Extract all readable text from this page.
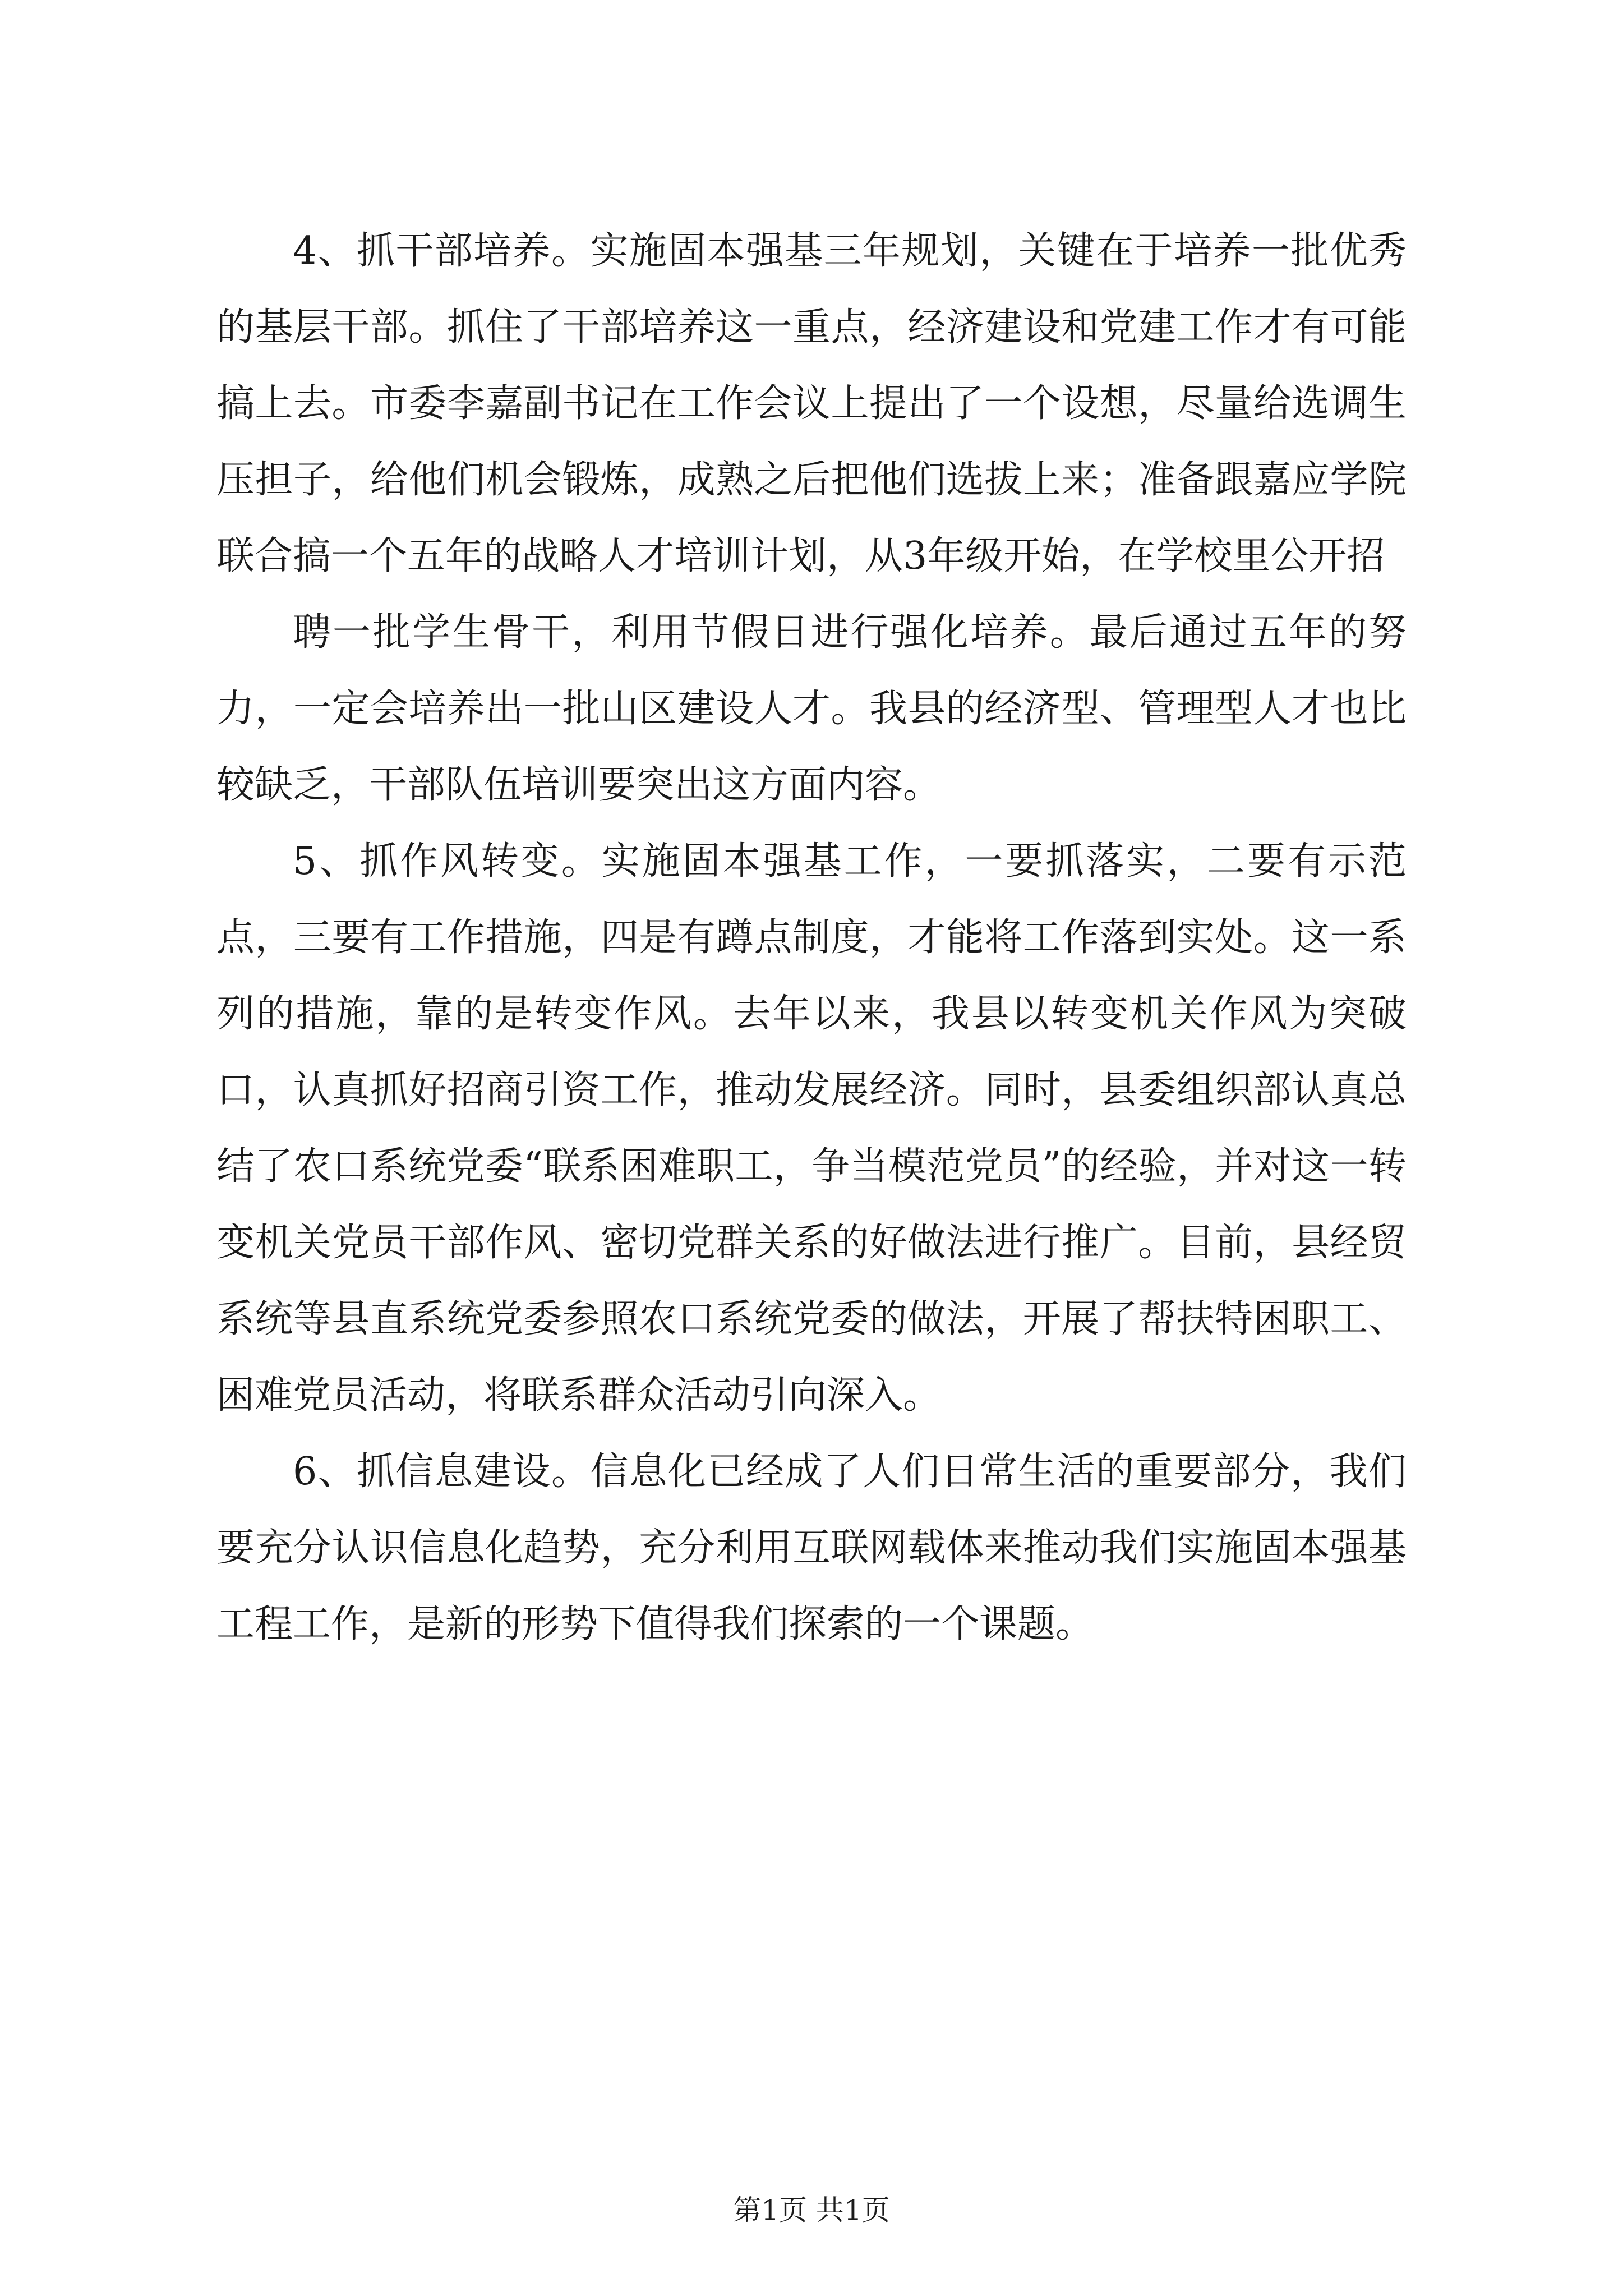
4、抓干部培养。实施固本强基三年规划，关键在于培养一批优秀的基层干部。抓住了干部培养这一重点，经济建设和党建工作才有可能搞上去。市委李嘉副书记在工作会议上提出了一个设想，尽量给选调生压担子，给他们机会锻炼，成熟之后把他们选拔上来；准备跟嘉应学院联合搞一个五年的战略人才培训计划，从3年级开始，在学校里公开招

聘一批学生骨干，利用节假日进行强化培养。最后通过五年的努力，一定会培养出一批山区建设人才。我县的经济型、管理型人才也比较缺乏，干部队伍培训要突出这方面内容。

5、抓作风转变。实施固本强基工作，一要抓落实，二要有示范点，三要有工作措施，四是有蹲点制度，才能将工作落到实处。这一系列的措施，靠的是转变作风。去年以来，我县以转变机关作风为突破口，认真抓好招商引资工作，推动发展经济。同时，县委组织部认真总结了农口系统党委“联系困难职工，争当模范党员”的经验，并对这一转变机关党员干部作风、密切党群关系的好做法进行推广。目前，县经贸系统等县直系统党委参照农口系统党委的做法，开展了帮扶特困职工、困难党员活动，将联系群众活动引向深入。

6、抓信息建设。信息化已经成了人们日常生活的重要部分，我们要充分认识信息化趋势，充分利用互联网载体来推动我们实施固本强基工程工作，是新的形势下值得我们探索的一个课题。

第1页 共1页
